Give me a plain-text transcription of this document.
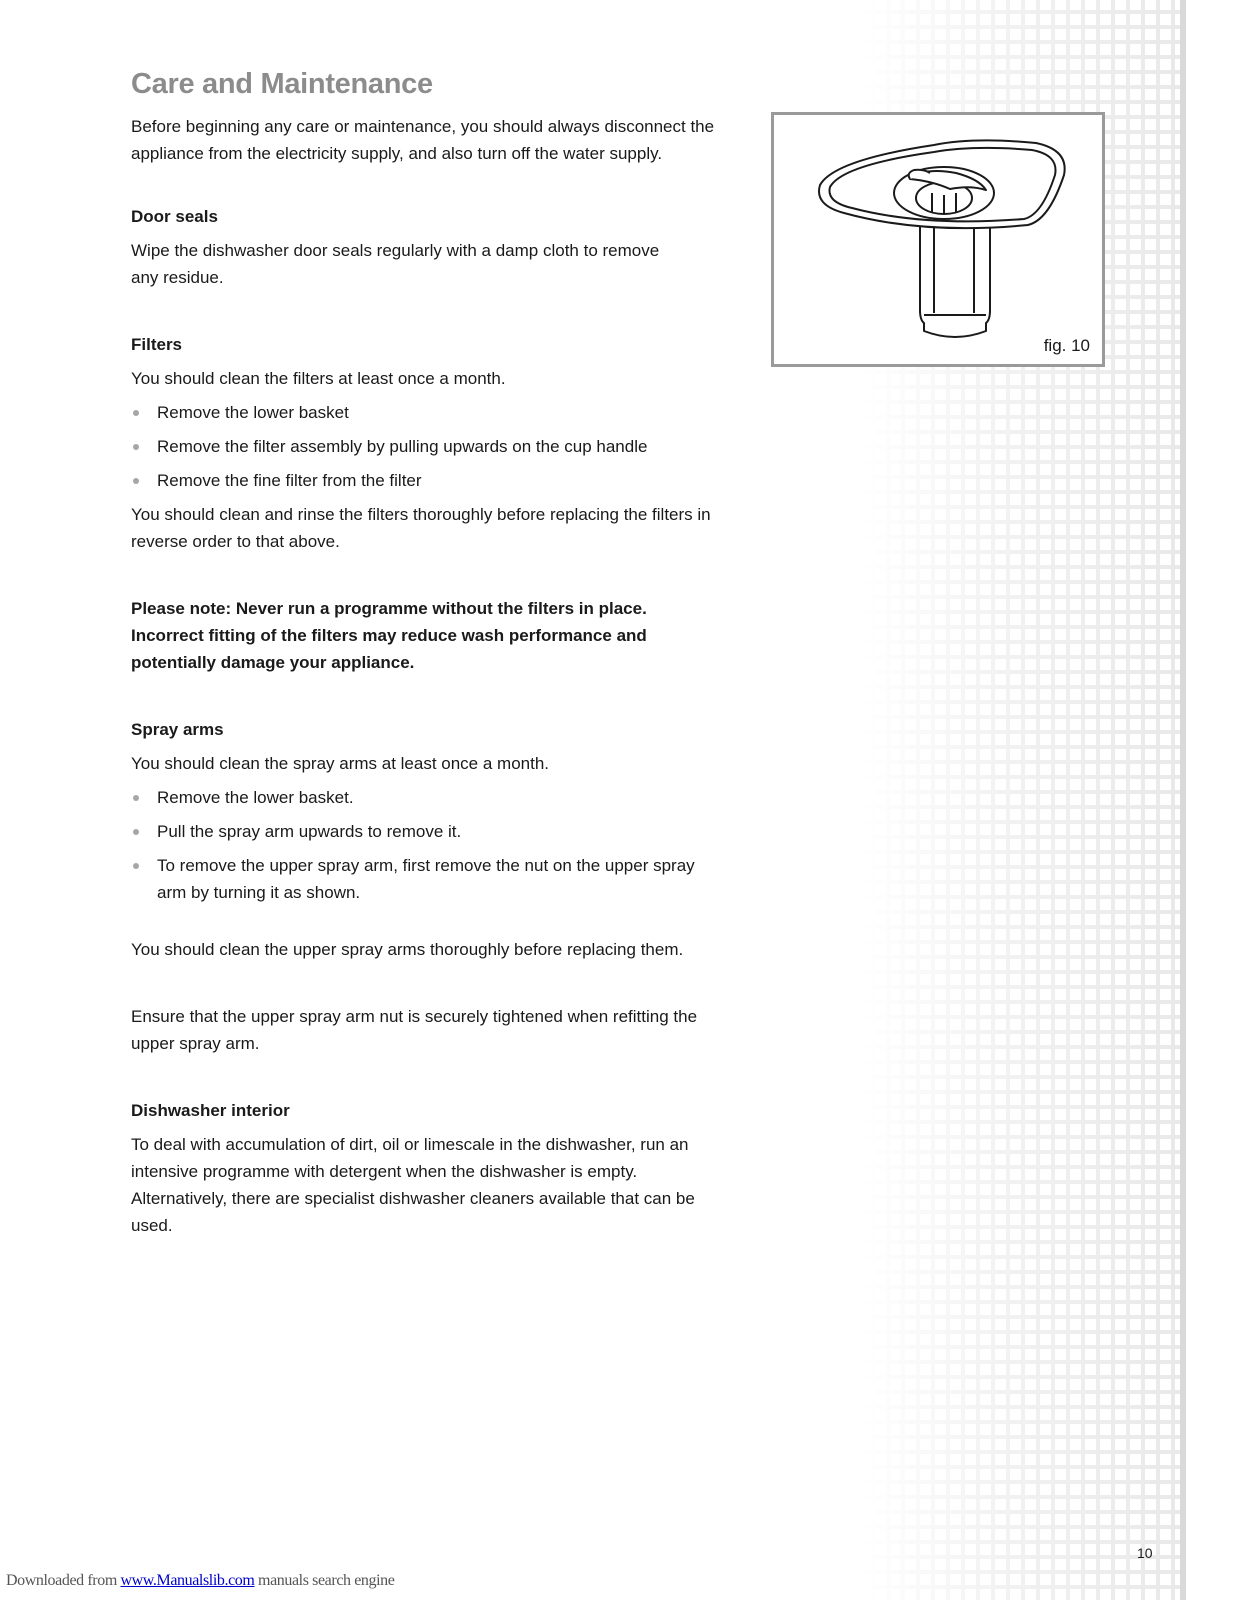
Care and Maintenance

Before beginning any care or maintenance, you should always disconnect the appliance from the electricity supply, and also turn off the water supply.

Door seals

Wipe the dishwasher door seals regularly with a damp cloth to remove any residue.

Filters

You should clean the filters at least once a month.

Remove the lower basket
Remove the filter assembly by pulling upwards on the cup handle
Remove the fine filter from the filter

You should clean and rinse the filters thoroughly before replacing the filters in reverse order to that above.

Please note: Never run a programme without the filters in place. Incorrect fitting of the filters may reduce wash performance and potentially damage your appliance.

Spray arms

You should clean the spray arms at least once a month.

Remove the lower basket.
Pull the spray arm upwards to remove it.
To remove the upper spray arm, first remove the nut on the upper spray arm by turning it as shown.

You should clean the upper spray arms thoroughly before replacing them.

Ensure that the upper spray arm nut is securely tightened when refitting the upper spray arm.

Dishwasher interior

To deal with accumulation of dirt, oil or limescale in the dishwasher, run an intensive programme with detergent when the dishwasher is empty. Alternatively, there are specialist dishwasher cleaners available that can be used.

fig. 10
10
Downloaded from www.Manualslib.com manuals search engine
